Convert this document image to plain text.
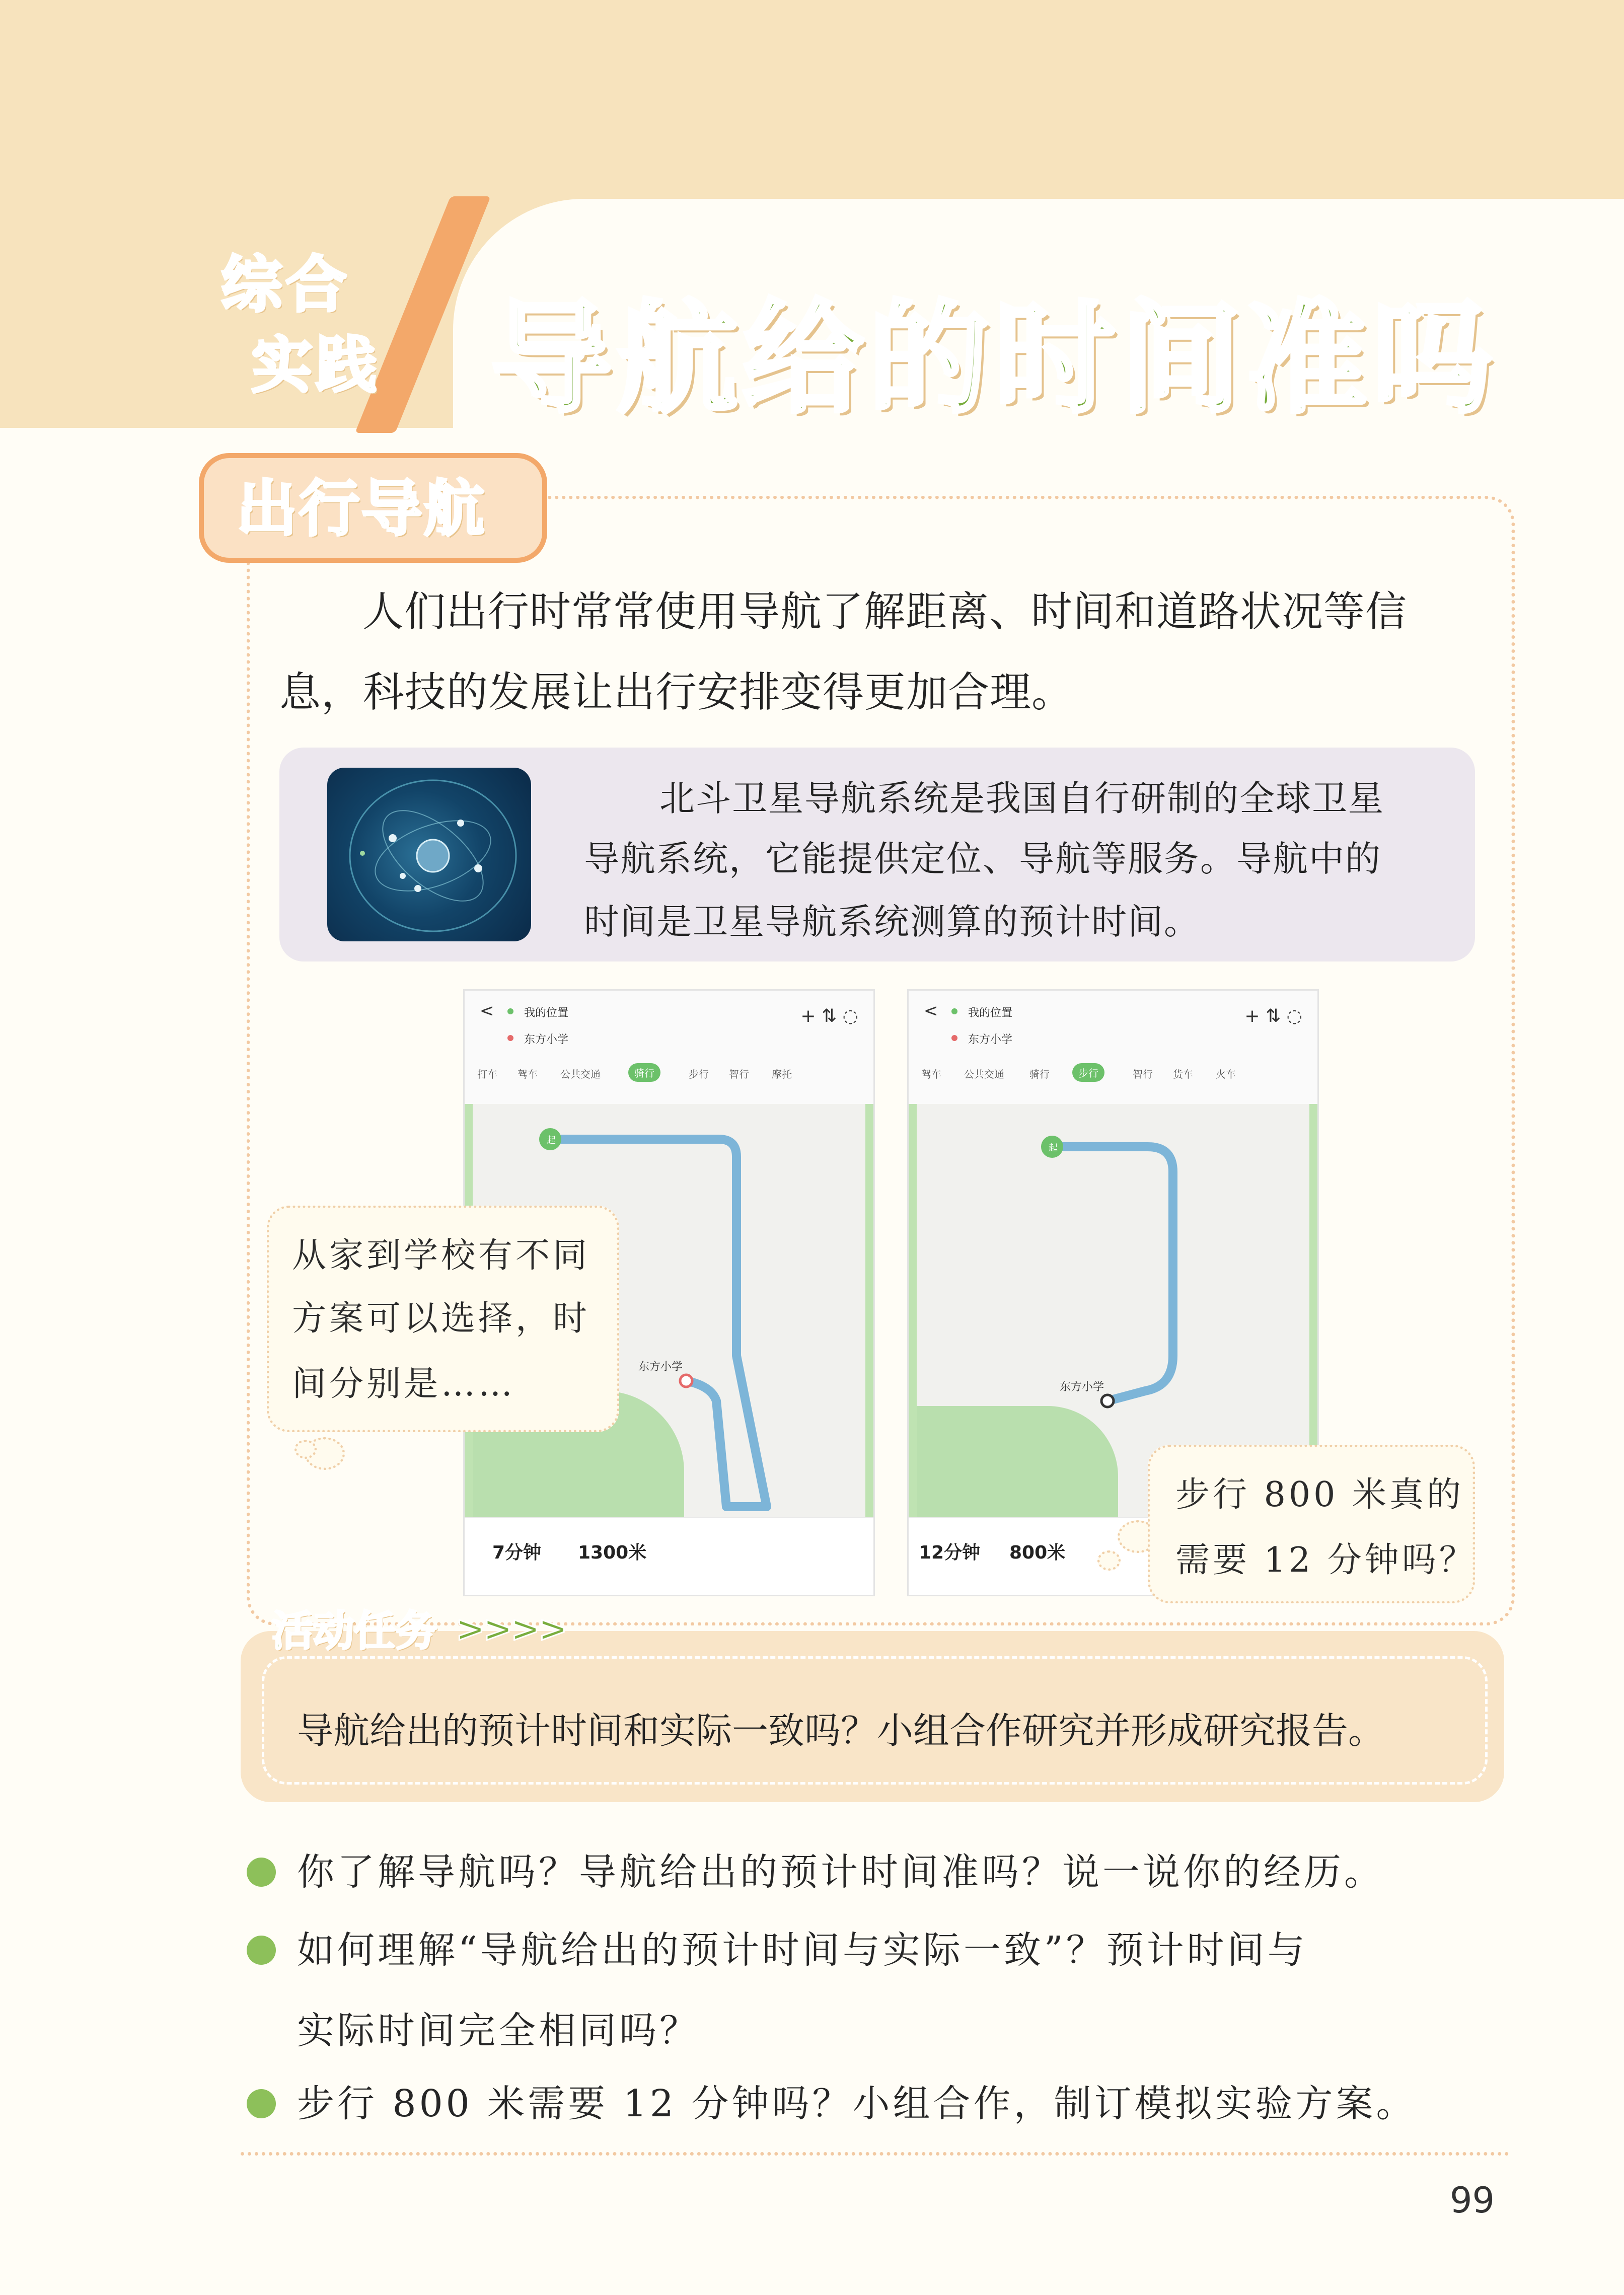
综合
实践 导航给的时间准吗
出行导航
人们出行时常常使用导航了解距离、时间和道路状况等信
息，科技的发展让出行安排变得更加合理。
北斗卫星导航系统是我国自行研制的全球卫星
导航系统，它能提供定位、导航等服务。导航中的
时间是卫星导航系统测算的预计时间。
<	我的位置
东方小学
+ ⇅ ◌
打车 驾车 公共交通	骑行	步行 智行 摩托
起
东方小学
7分钟 1300米
<	我的位置
东方小学
+ ⇅ ◌
驾车 公共交通	骑行	步行	智行 货车 火车
起
东方小学
12分钟 800米
从家到学校有不同
方案可以选择，时
间分别是……
步行 800 米真的
需要 12 分钟吗？
活动任务 >>>>
导航给出的预计时间和实际一致吗？小组合作研究并形成研究报告。
你了解导航吗？导航给出的预计时间准吗？说一说你的经历。
如何理解“导航给出的预计时间与实际一致”？预计时间与
实际时间完全相同吗？
步行 800 米需要 12 分钟吗？小组合作，制订模拟实验方案。
99
